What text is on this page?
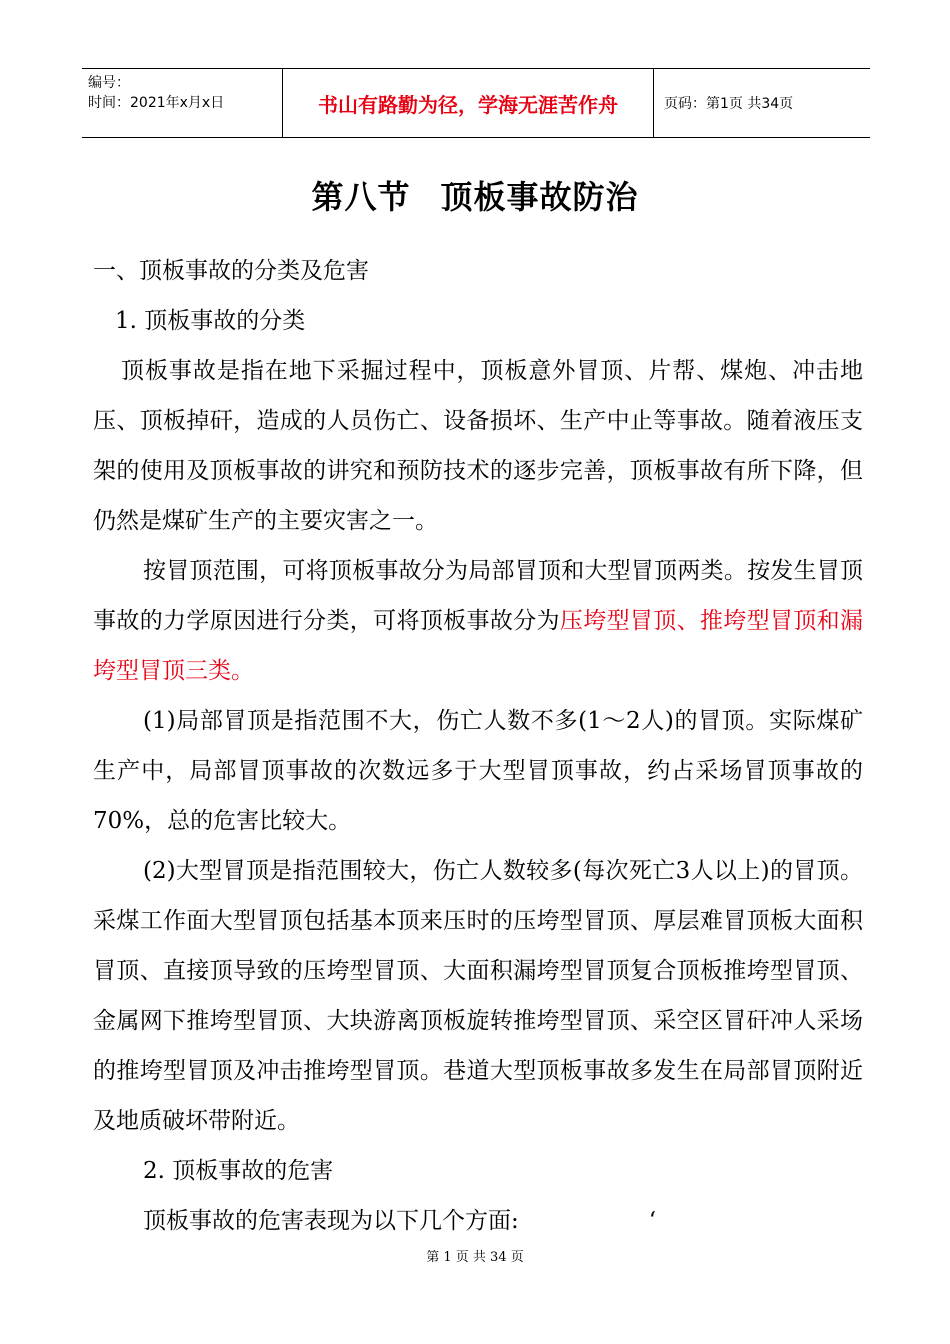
编号：
时间：2021年x月x日	书山有路勤为径，学海无涯苦作舟	页码：第1页 共34页
第八节 顶板事故防治

一、顶板事故的分类及危害

1. 顶板事故的分类

顶板事故是指在地下采掘过程中，顶板意外冒顶、片帮、煤炮、冲击地压、顶板掉矸，造成的人员伤亡、设备损坏、生产中止等事故。随着液压支架的使用及顶板事故的讲究和预防技术的逐步完善，顶板事故有所下降，但仍然是煤矿生产的主要灾害之一。

按冒顶范围，可将顶板事故分为局部冒顶和大型冒顶两类。按发生冒顶事故的力学原因进行分类，可将顶板事故分为压垮型冒顶、推垮型冒顶和漏垮型冒顶三类。

(1)局部冒顶是指范围不大，伤亡人数不多(1～2人)的冒顶。实际煤矿生产中，局部冒顶事故的次数远多于大型冒顶事故，约占采场冒顶事故的70%，总的危害比较大。

(2)大型冒顶是指范围较大，伤亡人数较多(每次死亡3人以上)的冒顶。采煤工作面大型冒顶包括基本顶来压时的压垮型冒顶、厚层难冒顶板大面积冒顶、直接顶导致的压垮型冒顶、大面积漏垮型冒顶复合顶板推垮型冒顶、金属网下推垮型冒顶、大块游离顶板旋转推垮型冒顶、采空区冒矸冲人采场的推垮型冒顶及冲击推垮型冒顶。巷道大型顶板事故多发生在局部冒顶附近及地质破坏带附近。

2. 顶板事故的危害

顶板事故的危害表现为以下几个方面:	‘

第 1 页 共 34 页
